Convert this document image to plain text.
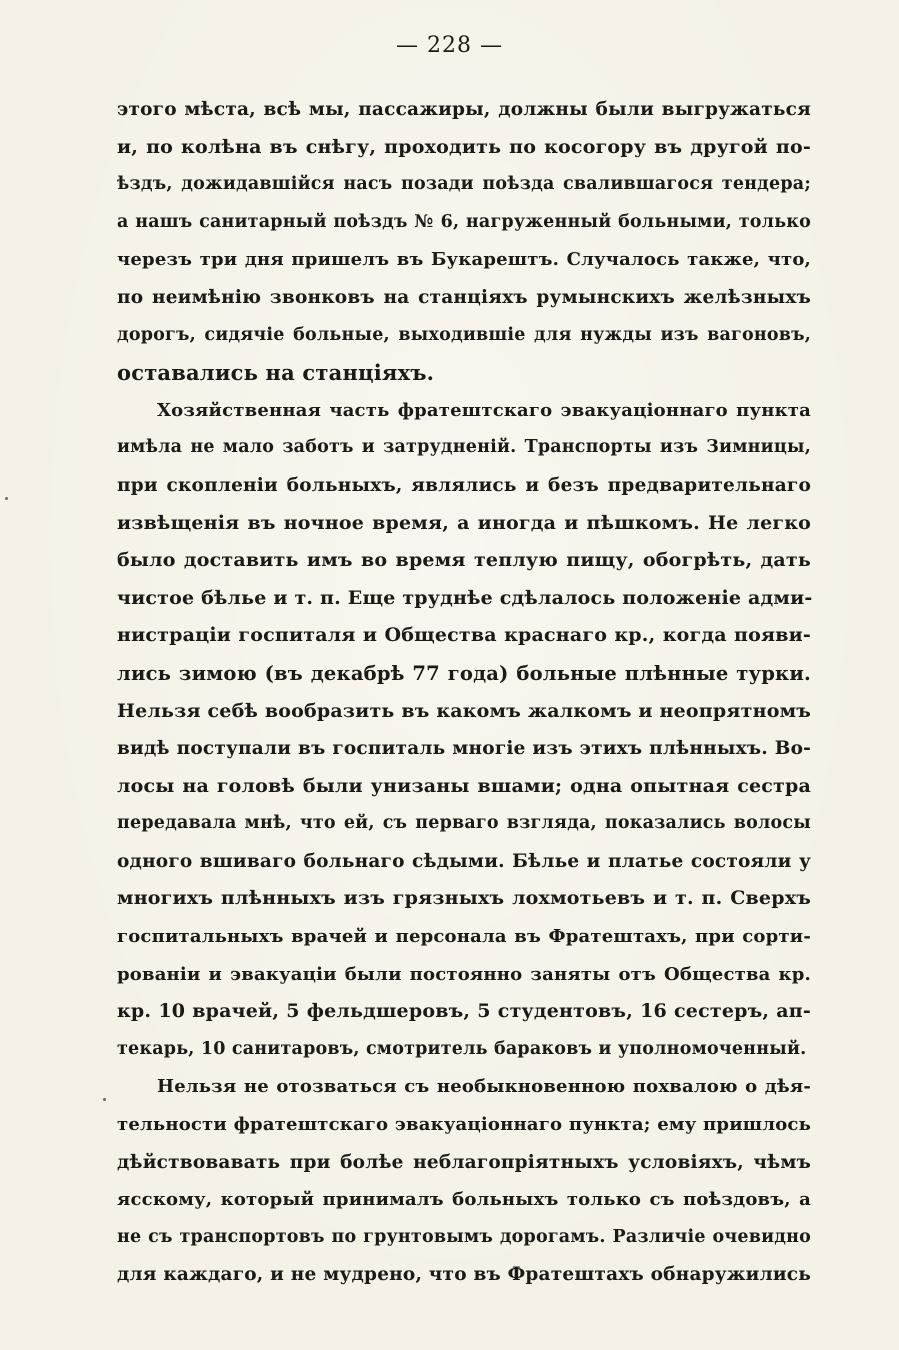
— 228 —
этого мѣста, всѣ мы, пассажиры, должны были выгружаться
и, по колѣна въ снѣгу, проходить по косогору въ другой по-
ѣздъ, дожидавшійся насъ позади поѣзда свалившагося тендера;
а нашъ санитарный поѣздъ № 6, нагруженный больными, только
черезъ три дня пришелъ въ Букарештъ. Случалось также, что,
по неимѣнію звонковъ на станціяхъ румынскихъ желѣзныхъ
дорогъ, сидячіе больные, выходившіе для нужды изъ вагоновъ,
оставались на станціяхъ.
Хозяйственная часть фратештскаго эвакуаціоннаго пункта
имѣла не мало заботъ и затрудненій. Транспорты изъ Зимницы,
при скопленіи больныхъ, являлись и безъ предварительнаго
извѣщенія въ ночное время, а иногда и пѣшкомъ. Не легко
было доставить имъ во время теплую пищу, обогрѣть, дать
чистое бѣлье и т. п. Еще труднѣе сдѣлалось положеніе адми-
нистраціи госпиталя и Общества краснаго кр., когда появи-
лись зимою (въ декабрѣ 77 года) больные плѣнные турки.
Нельзя себѣ вообразить въ какомъ жалкомъ и неопрятномъ
видѣ поступали въ госпиталь многіе изъ этихъ плѣнныхъ. Во-
лосы на головѣ были унизаны вшами; одна опытная сестра
передавала мнѣ, что ей, съ перваго взгляда, показались волосы
одного вшиваго больнаго сѣдыми. Бѣлье и платье состояли у
многихъ плѣнныхъ изъ грязныхъ лохмотьевъ и т. п. Сверхъ
госпитальныхъ врачей и персонала въ Фратештахъ, при сорти-
рованіи и эвакуаціи были постоянно заняты отъ Общества кр.
кр. 10 врачей, 5 фельдшеровъ, 5 студентовъ, 16 сестеръ, ап-
текарь, 10 санитаровъ, смотритель бараковъ и уполномоченный.
Нельзя не отозваться съ необыкновенною похвалою о дѣя-
тельности фратештскаго эвакуаціоннаго пункта; ему пришлось
дѣйствовавать при болѣе неблагопріятныхъ условіяхъ, чѣмъ
ясскому, который принималъ больныхъ только съ поѣздовъ, а
не съ транспортовъ по грунтовымъ дорогамъ. Различіе очевидно
для каждаго, и не мудрено, что въ Фратештахъ обнаружились
